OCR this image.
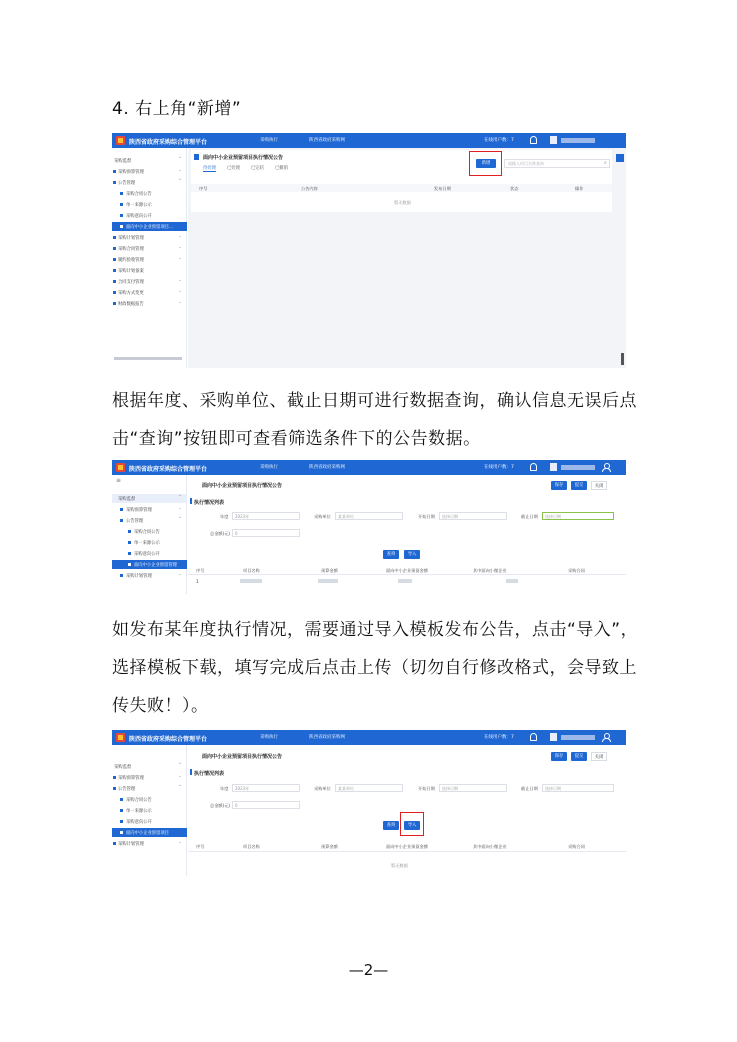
4. 右上角“新增”
陕西省政府采购综合管理平台	采购执行	陕西省政府采购网	在线用户数：7
采购监督	^
采购预算管理	⌄
公告管理	^
采购合同公告
单一来源公示
采购意向公开
面向中小企业预留项目...
采购计划管理	⌄
采购合同管理	⌄
履约验收管理	⌄
采购计划备案
合同支付管理	⌄
采购方式变更	⌄
财政数据报告	⌄
面向中小企业预留项目执行情况公告
待处理	已处理	已完结	已撤销
新增	请输入项目名称查询	⌕
序号	公告内容	发布日期	状态	操作
暂无数据
根据年度、采购单位、截止日期可进行数据查询，确认信息无误后点
击“查询”按钮即可查看筛选条件下的公告数据。
陕西省政府采购综合管理平台	采购执行	陕西省政府采购网	在线用户数：7
≡
采购监督	^
采购预算管理	⌄
公告管理	^
采购合同公告
单一来源公示
采购意向公开
面向中小企业预留管理
采购计划管理	⌄
面向中小企业预留项目执行情况公告	保存	提交	关闭
执行情况列表
年度	2023年	采购单位	某某单位	开始日期	选择日期	截止日期	选择日期
总金额(元)	0
查询	导入
序号	项目名称	预算金额	面向中小企业预留金额	其中面向小微企业	采购合同
1
如发布某年度执行情况，需要通过导入模板发布公告，点击“导入”，
选择模板下载，填写完成后点击上传（切勿自行修改格式，会导致上
传失败！）。
陕西省政府采购综合管理平台	采购执行	陕西省政府采购网	在线用户数：7
采购监督	^
采购预算管理	⌄
公告管理	^
采购合同公告
单一来源公示
采购意向公开
面向中小企业预留项目
采购计划管理	⌄
面向中小企业预留项目执行情况公告	保存	提交	关闭
执行情况列表
年度	2023年	采购单位	某某单位	开始日期	选择日期	截止日期	选择日期
总金额(元)	0
查询	导入
序号	项目名称	预算金额	面向中小企业预留金额	其中面向小微企业	采购合同
暂无数据
—2—
